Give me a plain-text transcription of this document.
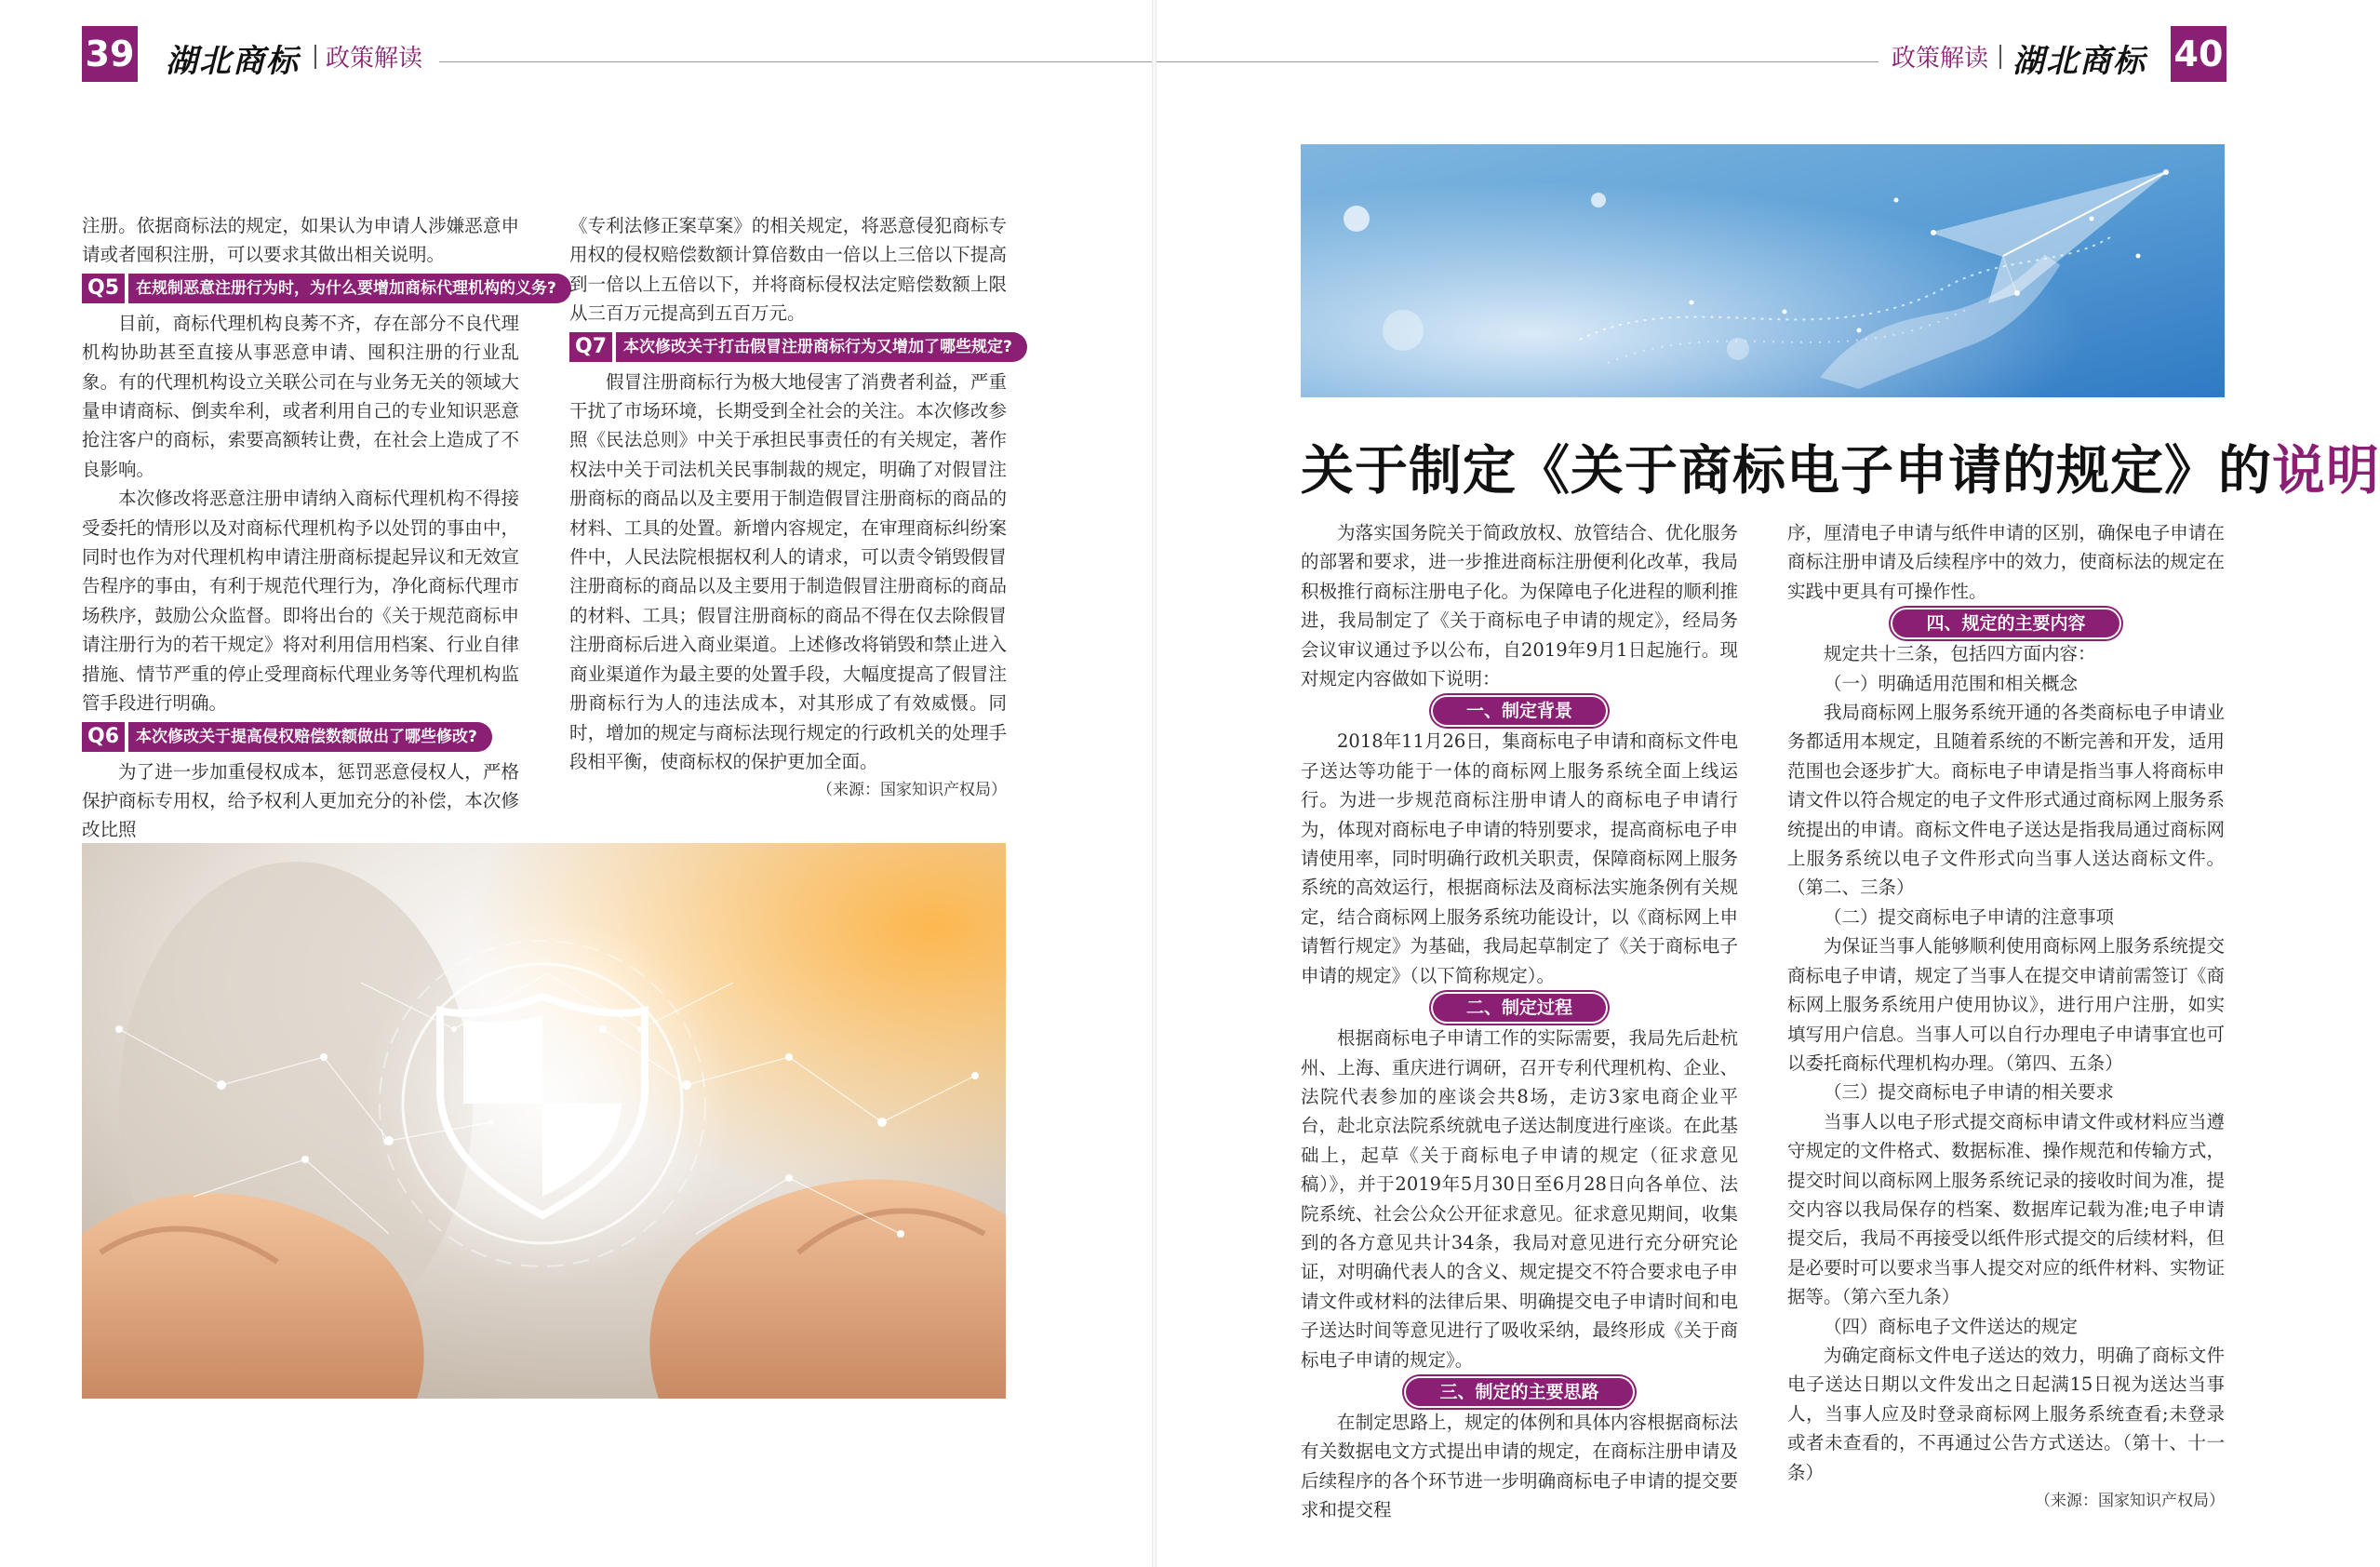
39 湖北商标 政策解读

注册。依据商标法的规定，如果认为申请人涉嫌恶意申请或者囤积注册，可以要求其做出相关说明。

Q5	在规制恶意注册行为时，为什么要增加商标代理机构的义务?

目前，商标代理机构良莠不齐，存在部分不良代理机构协助甚至直接从事恶意申请、囤积注册的行业乱象。有的代理机构设立关联公司在与业务无关的领域大量申请商标、倒卖牟利，或者利用自己的专业知识恶意抢注客户的商标，索要高额转让费，在社会上造成了不良影响。

本次修改将恶意注册申请纳入商标代理机构不得接受委托的情形以及对商标代理机构予以处罚的事由中，同时也作为对代理机构申请注册商标提起异议和无效宣告程序的事由，有利于规范代理行为，净化商标代理市场秩序，鼓励公众监督。即将出台的《关于规范商标申请注册行为的若干规定》将对利用信用档案、行业自律措施、情节严重的停止受理商标代理业务等代理机构监管手段进行明确。

Q6	本次修改关于提高侵权赔偿数额做出了哪些修改?

为了进一步加重侵权成本，惩罚恶意侵权人，严格保护商标专用权，给予权利人更加充分的补偿，本次修改比照

《专利法修正案草案》的相关规定，将恶意侵犯商标专用权的侵权赔偿数额计算倍数由一倍以上三倍以下提高到一倍以上五倍以下，并将商标侵权法定赔偿数额上限从三百万元提高到五百万元。

Q7	本次修改关于打击假冒注册商标行为又增加了哪些规定?

假冒注册商标行为极大地侵害了消费者利益，严重干扰了市场环境，长期受到全社会的关注。本次修改参照《民法总则》中关于承担民事责任的有关规定，著作权法中关于司法机关民事制裁的规定，明确了对假冒注册商标的商品以及主要用于制造假冒注册商标的商品的材料、工具的处置。新增内容规定，在审理商标纠纷案件中，人民法院根据权利人的请求，可以责令销毁假冒注册商标的商品以及主要用于制造假冒注册商标的商品的材料、工具；假冒注册商标的商品不得在仅去除假冒注册商标后进入商业渠道。上述修改将销毁和禁止进入商业渠道作为最主要的处置手段，大幅度提高了假冒注册商标行为人的违法成本，对其形成了有效威慑。同时，增加的规定与商标法现行规定的行政机关的处理手段相平衡，使商标权的保护更加全面。

（来源：国家知识产权局）
政策解读 湖北商标 40
关于制定《关于商标电子申请的规定》的说明

为落实国务院关于简政放权、放管结合、优化服务的部署和要求，进一步推进商标注册便利化改革，我局积极推行商标注册电子化。为保障电子化进程的顺利推进，我局制定了《关于商标电子申请的规定》，经局务会议审议通过予以公布，自2019年9月1日起施行。现对规定内容做如下说明：

一、制定背景

2018年11月26日，集商标电子申请和商标文件电子送达等功能于一体的商标网上服务系统全面上线运行。为进一步规范商标注册申请人的商标电子申请行为，体现对商标电子申请的特别要求，提高商标电子申请使用率，同时明确行政机关职责，保障商标网上服务系统的高效运行，根据商标法及商标法实施条例有关规定，结合商标网上服务系统功能设计，以《商标网上申请暂行规定》为基础，我局起草制定了《关于商标电子申请的规定》（以下简称规定）。

二、制定过程

根据商标电子申请工作的实际需要，我局先后赴杭州、上海、重庆进行调研，召开专利代理机构、企业、法院代表参加的座谈会共8场，走访3家电商企业平台，赴北京法院系统就电子送达制度进行座谈。在此基础上，起草《关于商标电子申请的规定（征求意见稿）》，并于2019年5月30日至6月28日向各单位、法院系统、社会公众公开征求意见。征求意见期间，收集到的各方意见共计34条，我局对意见进行充分研究论证，对明确代表人的含义、规定提交不符合要求电子申请文件或材料的法律后果、明确提交电子申请时间和电子送达时间等意见进行了吸收采纳，最终形成《关于商标电子申请的规定》。

三、制定的主要思路

在制定思路上，规定的体例和具体内容根据商标法有关数据电文方式提出申请的规定，在商标注册申请及后续程序的各个环节进一步明确商标电子申请的提交要求和提交程

序，厘清电子申请与纸件申请的区别，确保电子申请在商标注册申请及后续程序中的效力，使商标法的规定在实践中更具有可操作性。

四、规定的主要内容

规定共十三条，包括四方面内容：

（一）明确适用范围和相关概念

我局商标网上服务系统开通的各类商标电子申请业务都适用本规定，且随着系统的不断完善和开发，适用范围也会逐步扩大。商标电子申请是指当事人将商标申请文件以符合规定的电子文件形式通过商标网上服务系统提出的申请。商标文件电子送达是指我局通过商标网上服务系统以电子文件形式向当事人送达商标文件。（第二、三条）

（二）提交商标电子申请的注意事项

为保证当事人能够顺利使用商标网上服务系统提交商标电子申请，规定了当事人在提交申请前需签订《商标网上服务系统用户使用协议》，进行用户注册，如实填写用户信息。当事人可以自行办理电子申请事宜也可以委托商标代理机构办理。（第四、五条）

（三）提交商标电子申请的相关要求

当事人以电子形式提交商标申请文件或材料应当遵守规定的文件格式、数据标准、操作规范和传输方式，提交时间以商标网上服务系统记录的接收时间为准，提交内容以我局保存的档案、数据库记载为准;电子申请提交后，我局不再接受以纸件形式提交的后续材料，但是必要时可以要求当事人提交对应的纸件材料、实物证据等。（第六至九条）

（四）商标电子文件送达的规定

为确定商标文件电子送达的效力，明确了商标文件电子送达日期以文件发出之日起满15日视为送达当事人，当事人应及时登录商标网上服务系统查看;未登录或者未查看的，不再通过公告方式送达。（第十、十一条）

（来源：国家知识产权局）
